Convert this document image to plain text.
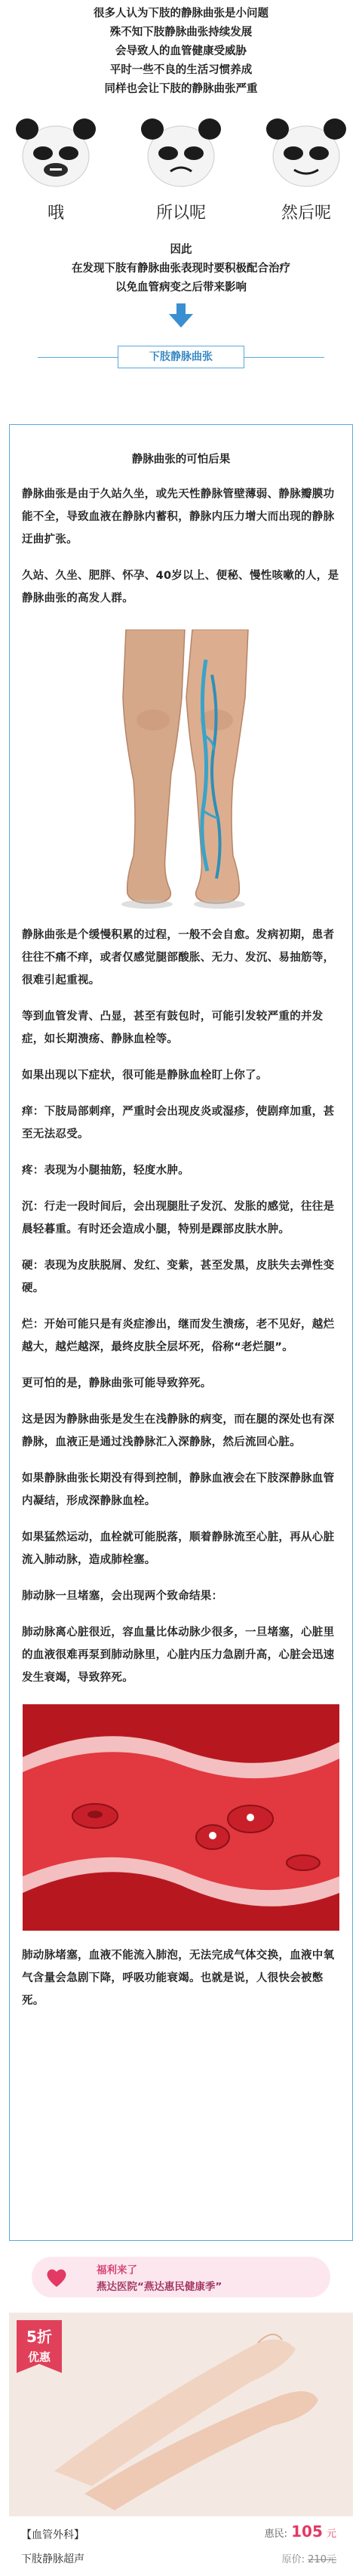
很多人认为下肢的静脉曲张是小问题

殊不知下肢静脉曲张持续发展

会导致人的血管健康受威胁

平时一些不良的生活习惯养成

同样也会让下肢的静脉曲张严重

哦	所以呢	然后呢

因此

在发现下肢有静脉曲张表现时要积极配合治疗

以免血管病变之后带来影响

下肢静脉曲张
静脉曲张的可怕后果
静脉曲张是由于久站久坐，或先天性静脉管壁薄弱、静脉瓣膜功能不全，导致血液在静脉内蓄积，静脉内压力增大而出现的静脉迂曲扩张。
久站、久坐、肥胖、怀孕、40岁以上、便秘、慢性咳嗽的人，是静脉曲张的高发人群。
静脉曲张是个缓慢积累的过程，一般不会自愈。发病初期，患者往往不痛不痒，或者仅感觉腿部酸胀、无力、发沉、易抽筋等，很难引起重视。
等到血管发青、凸显，甚至有鼓包时，可能引发较严重的并发症，如长期溃疡、静脉血栓等。
如果出现以下症状，很可能是静脉血栓盯上你了。
痒：下肢局部刺痒，严重时会出现皮炎或湿疹，使剧痒加重，甚至无法忍受。
疼：表现为小腿抽筋，轻度水肿。
沉：行走一段时间后，会出现腿肚子发沉、发胀的感觉，往往是晨轻暮重。有时还会造成小腿，特别是踝部皮肤水肿。
硬：表现为皮肤脱屑、发红、变紫，甚至发黑，皮肤失去弹性变硬。
烂：开始可能只是有炎症渗出，继而发生溃疡，老不见好，越烂越大，越烂越深，最终皮肤全层坏死，俗称“老烂腿”。
更可怕的是，静脉曲张可能导致猝死。
这是因为静脉曲张是发生在浅静脉的病变，而在腿的深处也有深静脉，血液正是通过浅静脉汇入深静脉，然后流回心脏。
如果静脉曲张长期没有得到控制，静脉血液会在下肢深静脉血管内凝结，形成深静脉血栓。
如果猛然运动，血栓就可能脱落，顺着静脉流至心脏，再从心脏流入肺动脉，造成肺栓塞。
肺动脉一旦堵塞，会出现两个致命结果：
肺动脉离心脏很近，容血量比体动脉少很多，一旦堵塞，心脏里的血液很难再泵到肺动脉里，心脏内压力急剧升高，心脏会迅速发生衰竭，导致猝死。
肺动脉堵塞，血液不能流入肺泡，无法完成气体交换，血液中氧气含量会急剧下降，呼吸功能衰竭。也就是说，人很快会被憋死。
福利来了
燕达医院“燕达惠民健康季”
5折
优惠
【血管外科】
下肢静脉超声
惠民: 105 元
原价: 210元
